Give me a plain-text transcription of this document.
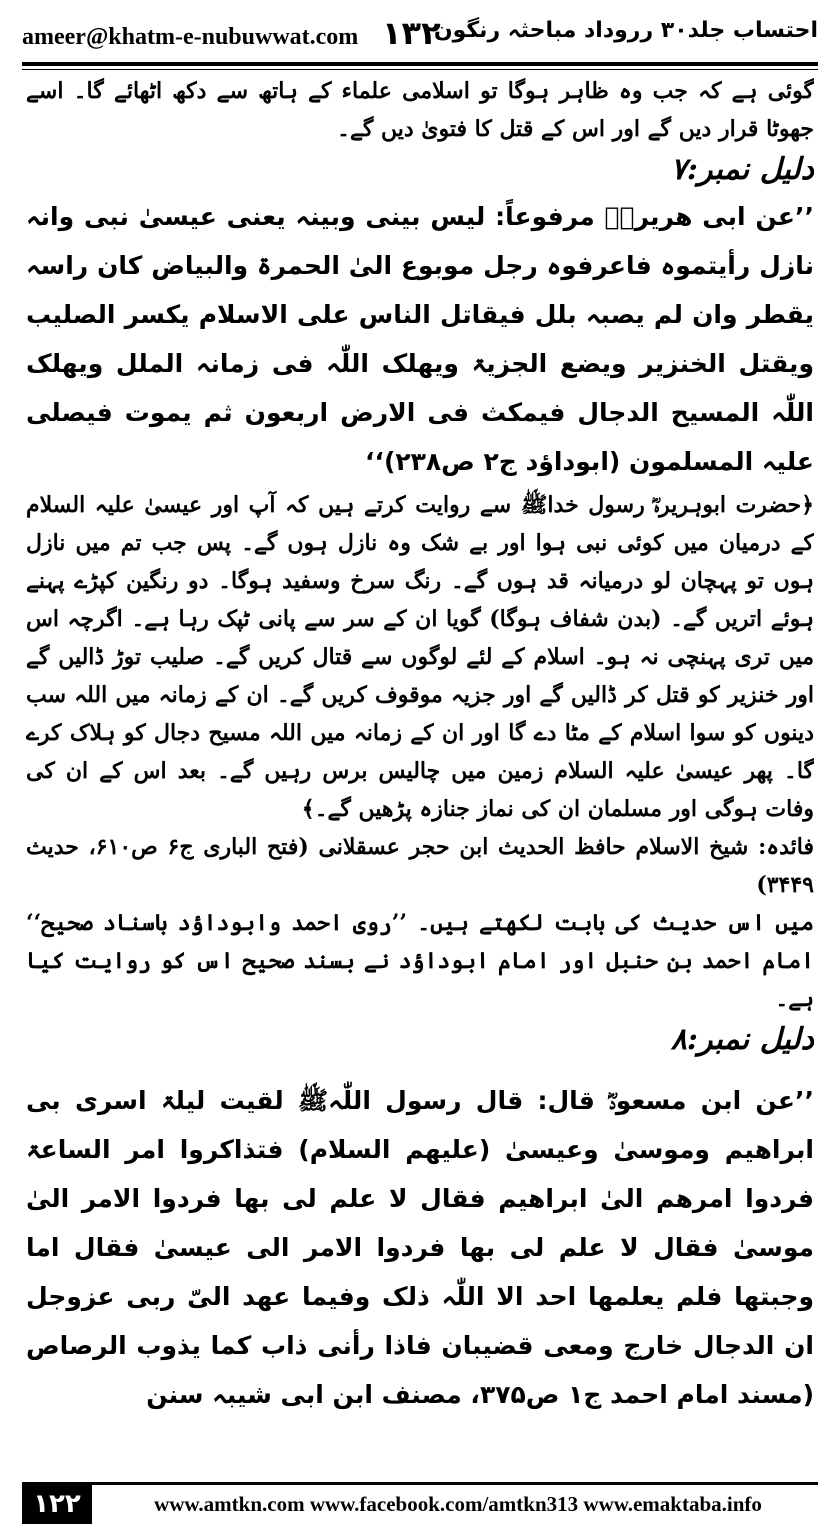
ameer@khatm-e-nubuwwat.com ۱۳۲
احتساب جلد۳۰ رروداد مباحثہ رنگون

گوئی ہے کہ جب وہ ظاہر ہوگا تو اسلامی علماء کے ہاتھ سے دکھ اٹھائے گا۔ اسے جھوٹا قرار دیں گے اور اس کے قتل کا فتویٰ دیں گے۔

دلیل نمبر:۷

’’عن ابی ھریرۃؓ مرفوعاً: لیس بینی وبینہ یعنی عیسیٰ نبی وانہ نازل رأیتموہ فاعرفوہ رجل موبوع الیٰ الحمرۃ والبیاض کان راسہ یقطر وان لم یصبہ بلل فیقاتل الناس علی الاسلام یکسر الصلیب ویقتل الخنزیر ویضع الجزیۃ ویھلک اللّٰہ فی زمانہ الملل ویھلک اللّٰہ المسیح الدجال فیمکث فی الارض اربعون ثم یموت فیصلی علیہ المسلمون (ابوداؤد ج۲ ص۲۳۸)‘‘

﴿حضرت ابوہریرہؓ رسول خداﷺ سے روایت کرتے ہیں کہ آپ اور عیسیٰ علیہ السلام کے درمیان میں کوئی نبی ہوا اور بے شک وہ نازل ہوں گے۔ پس جب تم میں نازل ہوں تو پہچان لو درمیانہ قد ہوں گے۔ رنگ سرخ وسفید ہوگا۔ دو رنگین کپڑے پہنے ہوئے اتریں گے۔ (بدن شفاف ہوگا) گویا ان کے سر سے پانی ٹپک رہا ہے۔ اگرچہ اس میں تری پہنچی نہ ہو۔ اسلام کے لئے لوگوں سے قتال کریں گے۔ صلیب توڑ ڈالیں گے اور خنزیر کو قتل کر ڈالیں گے اور جزیہ موقوف کریں گے۔ ان کے زمانہ میں اللہ سب دینوں کو سوا اسلام کے مٹا دے گا اور ان کے زمانہ میں اللہ مسیح دجال کو ہلاک کرے گا۔ پھر عیسیٰ علیہ السلام زمین میں چالیس برس رہیں گے۔ بعد اس کے ان کی وفات ہوگی اور مسلمان ان کی نماز جنازہ پڑھیں گے۔﴾

فائدہ: شیخ الاسلام حافظ الحدیث ابن حجر عسقلانی (فتح الباری ج۶ ص۶۱۰، حدیث ۳۴۴۹)

میں اس حدیث کی بابت لکھتے ہیں۔ ’’روی احمد وابوداؤد باسناد صحیح‘‘ امام احمد بن حنبل اور امام ابوداؤد نے بسند صحیح اس کو روایت کیا ہے۔

دلیل نمبر:۸

’’عن ابن مسعودؓ قال: قال رسول اللّٰہﷺ لقیت لیلۃ اسری بی ابراھیم وموسیٰ وعیسیٰ (علیھم السلام) فتذاکروا امر الساعۃ فردوا امرھم الیٰ ابراھیم فقال لا علم لی بھا فردوا الامر الیٰ موسیٰ فقال لا علم لی بھا فردوا الامر الی عیسیٰ فقال اما وجبتھا فلم یعلمھا احد الا اللّٰہ ذلک وفیما عھد الیّ ربی عزوجل ان الدجال خارج ومعی قضیبان فاذا رأنی ذاب کما یذوب الرصاص (مسند امام احمد ج۱ ص۳۷۵، مصنف ابن ابی شیبہ سنن

۱۲۲	www.amtkn.com www.facebook.com/amtkn313 www.emaktaba.info
